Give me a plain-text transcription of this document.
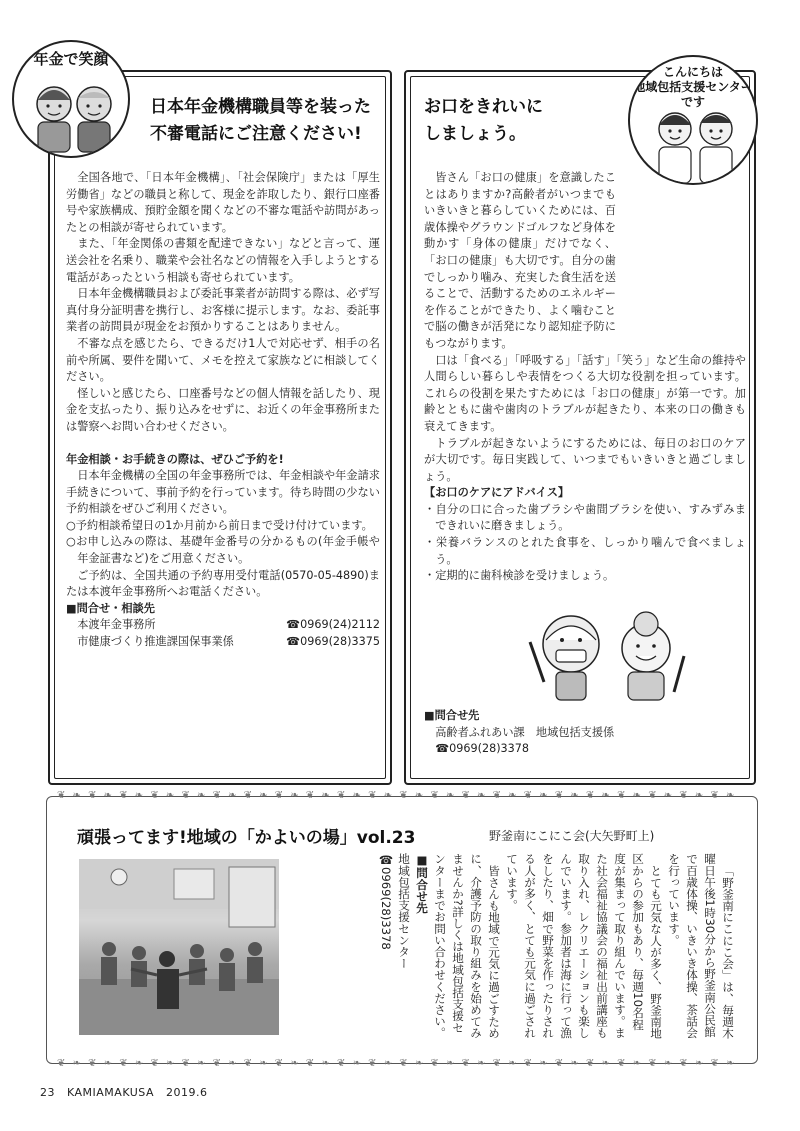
日本年金機構職員等を装った
不審電話にご注意ください!

全国各地で、「日本年金機構」、「社会保険庁」または「厚生労働省」などの職員と称して、現金を詐取したり、銀行口座番号や家族構成、預貯金額を聞くなどの不審な電話や訪問があったとの相談が寄せられています。

また、「年金関係の書類を配達できない」などと言って、運送会社を名乗り、職業や会社名などの情報を入手しようとする電話があったという相談も寄せられています。

日本年金機構職員および委託事業者が訪問する際は、必ず写真付身分証明書を携行し、お客様に提示します。なお、委託事業者の訪問員が現金をお預かりすることはありません。

不審な点を感じたら、できるだけ1人で対応せず、相手の名前や所属、要件を聞いて、メモを控えて家族などに相談してください。

怪しいと感じたら、口座番号などの個人情報を話したり、現金を支払ったり、振り込みをせずに、お近くの年金事務所または警察へお問い合わせください。

年金相談・お手続きの際は、ぜひご予約を!

日本年金機構の全国の年金事務所では、年金相談や年金請求手続きについて、事前予約を行っています。待ち時間の少ない予約相談をぜひご利用ください。

○予約相談希望日の1か月前から前日まで受け付けています。

○お申し込みの際は、基礎年金番号の分かるもの(年金手帳や年金証書など)をご用意ください。

ご予約は、全国共通の予約専用受付電話(0570-05-4890)または本渡年金事務所へお電話ください。

■問合せ・相談先

本渡年金事務所	☎0969(24)2112
市健康づくり推進課国保事業係	☎0969(28)3375
年金で笑顔
お口をきれいに
しましょう。

皆さん「お口の健康」を意識したことはありますか?高齢者がいつまでもいきいきと暮らしていくためには、百歳体操やグラウンドゴルフなど身体を動かす「身体の健康」だけでなく、「お口の健康」も大切です。自分の歯でしっかり噛み、充実した食生活を送ることで、活動するためのエネルギーを作ることができたり、よく噛むことで脳の働きが活発になり認知症予防にもつながります。

口は「食べる」「呼吸する」「話す」「笑う」など生命の維持や人間らしい暮らしや表情をつくる大切な役割を担っています。これらの役割を果たすためには「お口の健康」が第一です。加齢とともに歯や歯肉のトラブルが起きたり、本来の口の働きも衰えてきます。

トラブルが起きないようにするためには、毎日のお口のケアが大切です。毎日実践して、いつまでもいきいきと過ごしましょう。

【お口のケアにアドバイス】

・自分の口に合った歯ブラシや歯間ブラシを使い、すみずみまできれいに磨きましょう。

・栄養バランスのとれた食事を、しっかり噛んで食べましょう。

・定期的に歯科検診を受けましょう。

■問合せ先

高齢者ふれあい課　地域包括支援係

☎0969(28)3378

こんにちは
地域包括支援センターです
❦ ❧ ❦ ❧ ❦ ❧ ❦ ❧ ❦ ❧ ❦ ❧ ❦ ❧ ❦ ❧ ❦ ❧ ❦ ❧ ❦ ❧ ❦ ❧ ❦ ❧ ❦ ❧ ❦ ❧ ❦ ❧ ❦ ❧ ❦ ❧ ❦ ❧ ❦ ❧ ❦ ❧ ❦ ❧
❦ ❧ ❦ ❧ ❦ ❧ ❦ ❧ ❦ ❧ ❦ ❧ ❦ ❧ ❦ ❧ ❦ ❧ ❦ ❧ ❦ ❧ ❦ ❧ ❦ ❧ ❦ ❧ ❦ ❧ ❦ ❧ ❦ ❧ ❦ ❧ ❦ ❧ ❦ ❧ ❦ ❧ ❦ ❧
頑張ってます!地域の「かよいの場」vol.23	野釜南にこにこ会(大矢野町上)

「野釜南にこにこ会」は、毎週木曜日午後1時30分から野釜南公民館で百歳体操、いきいき体操、茶話会を行っています。

とても元気な人が多く、野釜南地区からの参加もあり、毎週10名程度が集まって取り組んでいます。また社会福祉協議会の福祉出前講座も取り入れ、レクリエーションも楽しんでいます。参加者は海に行って漁をしたり、畑で野菜を作ったりされる人が多く、とても元気に過ごされています。

皆さんも地域で元気に過ごすために、介護予防の取り組みを始めてみませんか?詳しくは地域包括支援センターまでお問い合わせください。

■問合せ先

地域包括支援センター

☎0969(28)3378

23 KAMIAMAKUSA 2019.6
